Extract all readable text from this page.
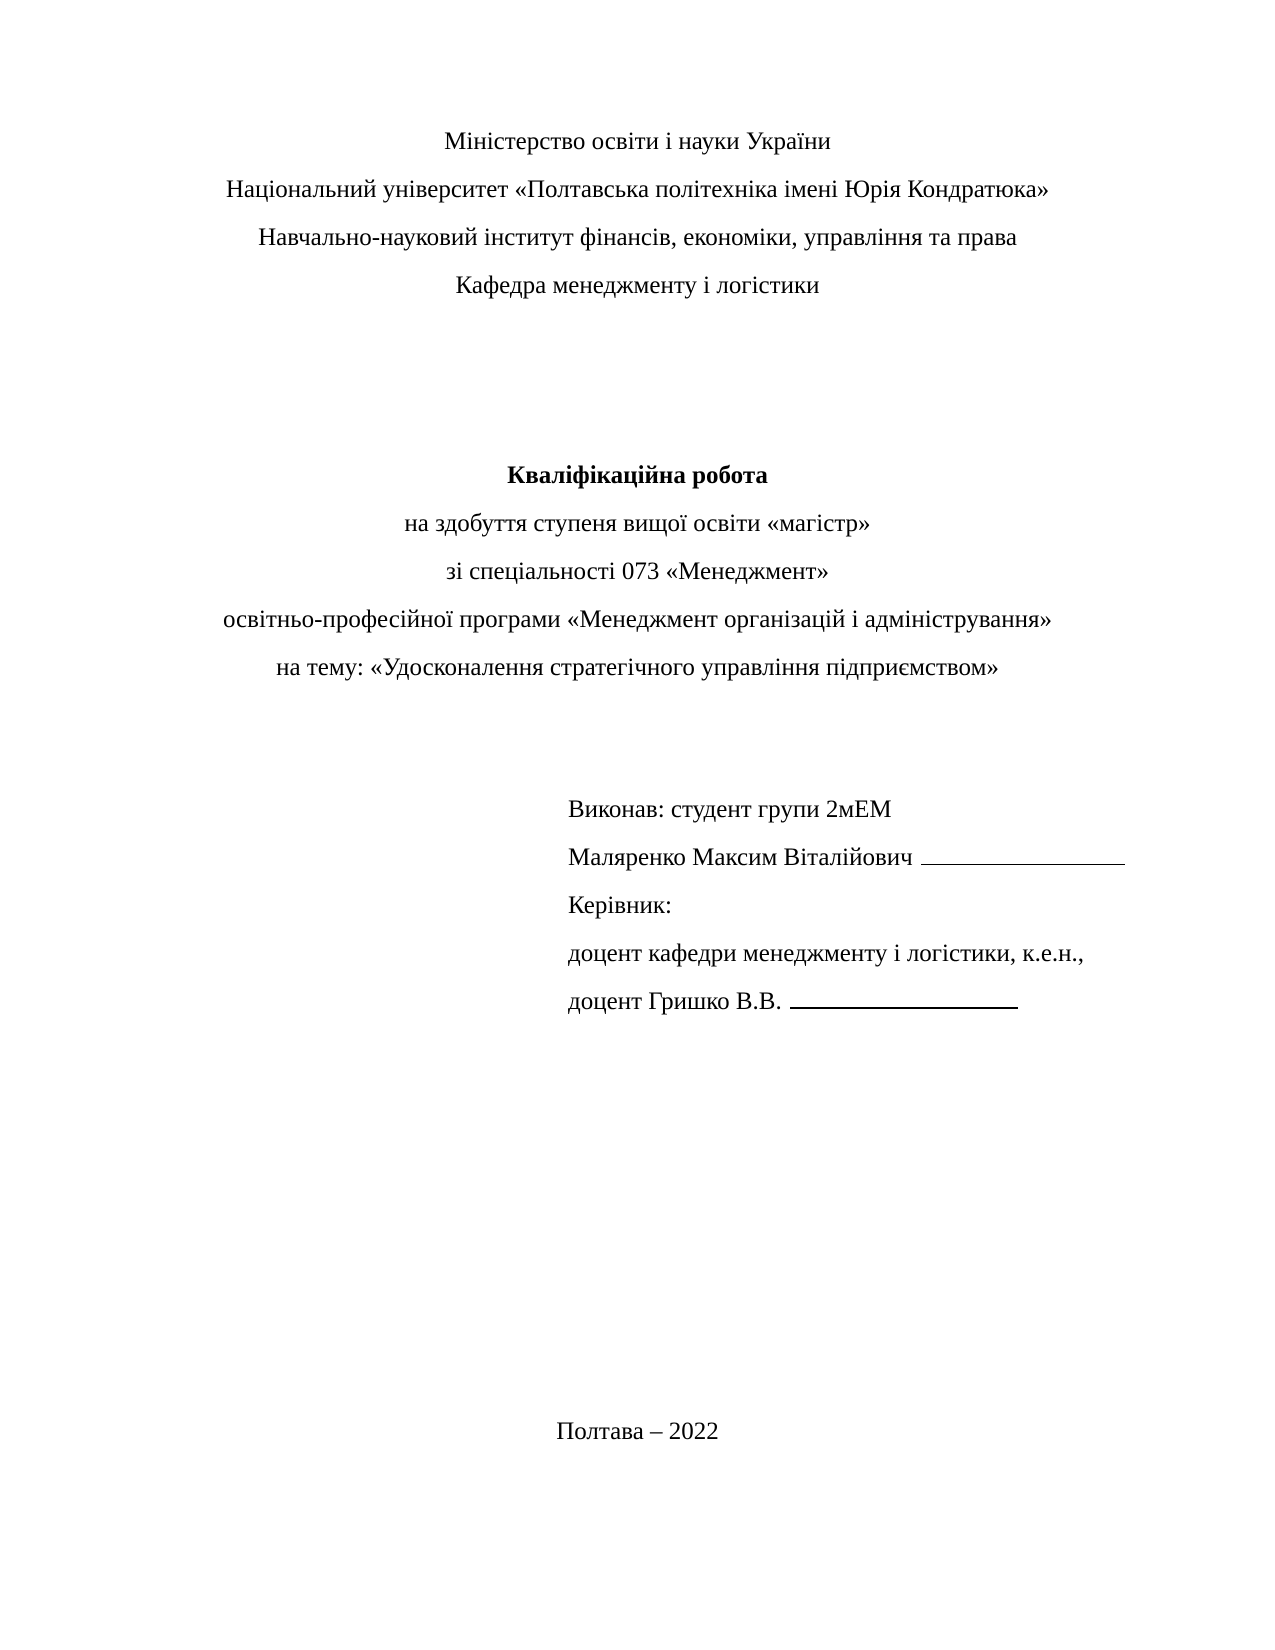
Міністерство освіти і науки України
Національний університет «Полтавська політехніка імені Юрія Кондратюка»
Навчально-науковий інститут фінансів, економіки, управління та права
Кафедра менеджменту і логістики
Кваліфікаційна робота
на здобуття ступеня вищої освіти «магістр»
зі спеціальності 073 «Менеджмент»
освітньо-професійної програми «Менеджмент організацій і адміністрування»
на тему: «Удосконалення стратегічного управління підприємством»
Виконав: студент групи 2мЕМ
Маляренко Максим Віталійович
Керівник:
доцент кафедри менеджменту і логістики, к.е.н.,
доцент Гришко В.В.
Полтава – 2022
